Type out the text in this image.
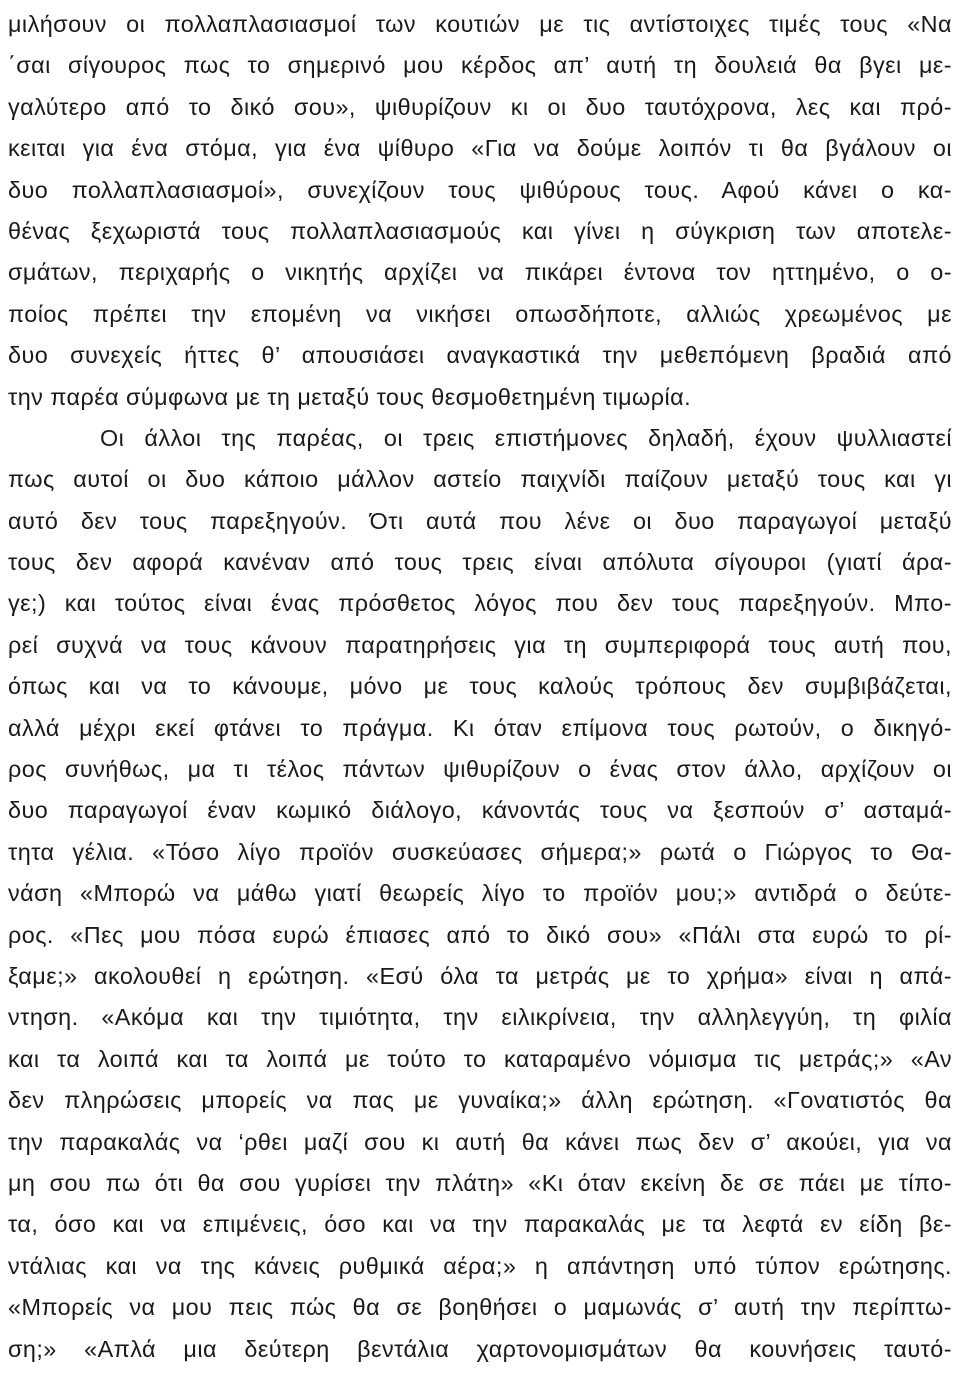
μιλήσουν οι πολλαπλασιασμοί των κουτιών με τις αντίστοιχες τιμές τους «Να
΄σαι σίγουρος πως το σημερινό μου κέρδος απ’ αυτή τη δουλειά θα βγει με-
γαλύτερο από το δικό σου», ψιθυρίζουν κι οι δυο ταυτόχρονα, λες και πρό-
κειται για ένα στόμα, για ένα ψίθυρο «Για να δούμε λοιπόν τι θα βγάλουν οι
δυο πολλαπλασιασμοί», συνεχίζουν τους ψιθύρους τους. Αφού κάνει ο κα-
θένας ξεχωριστά τους πολλαπλασιασμούς και γίνει η σύγκριση των αποτελε-
σμάτων, περιχαρής ο νικητής αρχίζει να πικάρει έντονα τον ηττημένο, ο ο-
ποίος πρέπει την επομένη να νικήσει οπωσδήποτε, αλλιώς χρεωμένος με
δυο συνεχείς ήττες θ’ απουσιάσει αναγκαστικά την μεθεπόμενη βραδιά από
την παρέα σύμφωνα με τη μεταξύ τους θεσμοθετημένη τιμωρία.
Οι άλλοι της παρέας, οι τρεις επιστήμονες δηλαδή, έχουν ψυλλιαστεί
πως αυτοί οι δυο κάποιο μάλλον αστείο παιχνίδι παίζουν μεταξύ τους και γι
αυτό δεν τους παρεξηγούν. Ότι αυτά που λένε οι δυο παραγωγοί μεταξύ
τους δεν αφορά κανέναν από τους τρεις είναι απόλυτα σίγουροι (γιατί άρα-
γε;) και τούτος είναι ένας πρόσθετος λόγος που δεν τους παρεξηγούν. Μπο-
ρεί συχνά να τους κάνουν παρατηρήσεις για τη συμπεριφορά τους αυτή που,
όπως και να το κάνουμε, μόνο με τους καλούς τρόπους δεν συμβιβάζεται,
αλλά μέχρι εκεί φτάνει το πράγμα. Κι όταν επίμονα τους ρωτούν, ο δικηγό-
ρος συνήθως, μα τι τέλος πάντων ψιθυρίζουν ο ένας στον άλλο, αρχίζουν οι
δυο παραγωγοί έναν κωμικό διάλογο, κάνοντάς τους να ξεσπούν σ’ ασταμά-
τητα γέλια. «Τόσο λίγο προϊόν συσκεύασες σήμερα;» ρωτά ο Γιώργος το Θα-
νάση «Μπορώ να μάθω γιατί θεωρείς λίγο το προϊόν μου;» αντιδρά ο δεύτε-
ρος. «Πες μου πόσα ευρώ έπιασες από το δικό σου» «Πάλι στα ευρώ το ρί-
ξαμε;» ακολουθεί η ερώτηση. «Εσύ όλα τα μετράς με το χρήμα» είναι η απά-
ντηση. «Ακόμα και την τιμιότητα, την ειλικρίνεια, την αλληλεγγύη, τη φιλία
και τα λοιπά και τα λοιπά με τούτο το καταραμένο νόμισμα τις μετράς;» «Αν
δεν πληρώσεις μπορείς να πας με γυναίκα;» άλλη ερώτηση. «Γονατιστός θα
την παρακαλάς να ‘ρθει μαζί σου κι αυτή θα κάνει πως δεν σ’ ακούει, για να
μη σου πω ότι θα σου γυρίσει την πλάτη» «Κι όταν εκείνη δε σε πάει με τίπο-
τα, όσο και να επιμένεις, όσο και να την παρακαλάς με τα λεφτά εν είδη βε-
ντάλιας και να της κάνεις ρυθμικά αέρα;» η απάντηση υπό τύπον ερώτησης.
«Μπορείς να μου πεις πώς θα σε βοηθήσει ο μαμωνάς σ’ αυτή την περίπτω-
ση;» «Απλά μια δεύτερη βεντάλια χαρτονομισμάτων θα κουνήσεις ταυτό-
